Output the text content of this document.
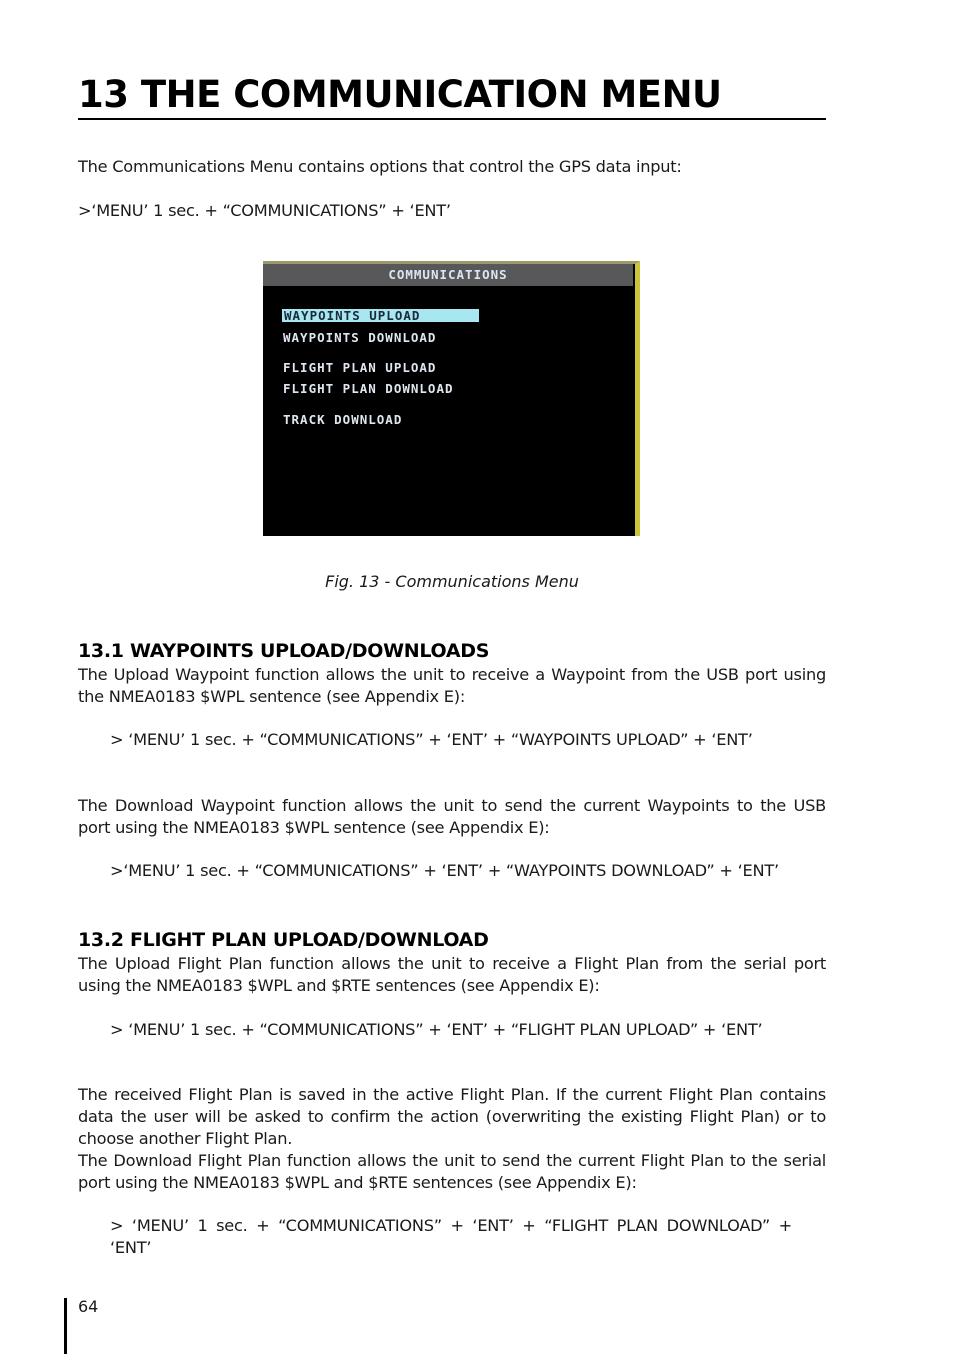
13 THE COMMUNICATION MENU

The Communications Menu contains options that control the GPS data input:

>‘MENU’ 1 sec. + “COMMUNICATIONS” + ‘ENT’

COMMUNICATIONS
WAYPOINTS UPLOAD
WAYPOINTS DOWNLOAD
FLIGHT PLAN UPLOAD
FLIGHT PLAN DOWNLOAD
TRACK DOWNLOAD
Fig. 13 - Communications Menu
13.1 WAYPOINTS UPLOAD/DOWNLOADS

The Upload Waypoint function allows the unit to receive a Waypoint from the USB port using the NMEA0183 $WPL sentence (see Appendix E):

> ‘MENU’ 1 sec. + “COMMUNICATIONS” + ‘ENT’ + “WAYPOINTS UPLOAD” + ‘ENT’

The Download Waypoint function allows the unit to send the current Waypoints to the USB port using the NMEA0183 $WPL sentence (see Appendix E):

>‘MENU’ 1 sec. + “COMMUNICATIONS” + ‘ENT’ + “WAYPOINTS DOWNLOAD” + ‘ENT’

13.2 FLIGHT PLAN UPLOAD/DOWNLOAD

The Upload Flight Plan function allows the unit to receive a Flight Plan from the serial port using the NMEA0183 $WPL and $RTE sentences (see Appendix E):

> ‘MENU’ 1 sec. + “COMMUNICATIONS” + ‘ENT’ + “FLIGHT PLAN UPLOAD” + ‘ENT’

The received Flight Plan is saved in the active Flight Plan. If the current Flight Plan contains data the user will be asked to confirm the action (overwriting the existing Flight Plan) or to choose another Flight Plan.

The Download Flight Plan function allows the unit to send the current Flight Plan to the serial port using the NMEA0183 $WPL and $RTE sentences (see Appendix E):

> ‘MENU’ 1 sec. + “COMMUNICATIONS” + ‘ENT’ + “FLIGHT PLAN DOWNLOAD” + ‘ENT’

64
